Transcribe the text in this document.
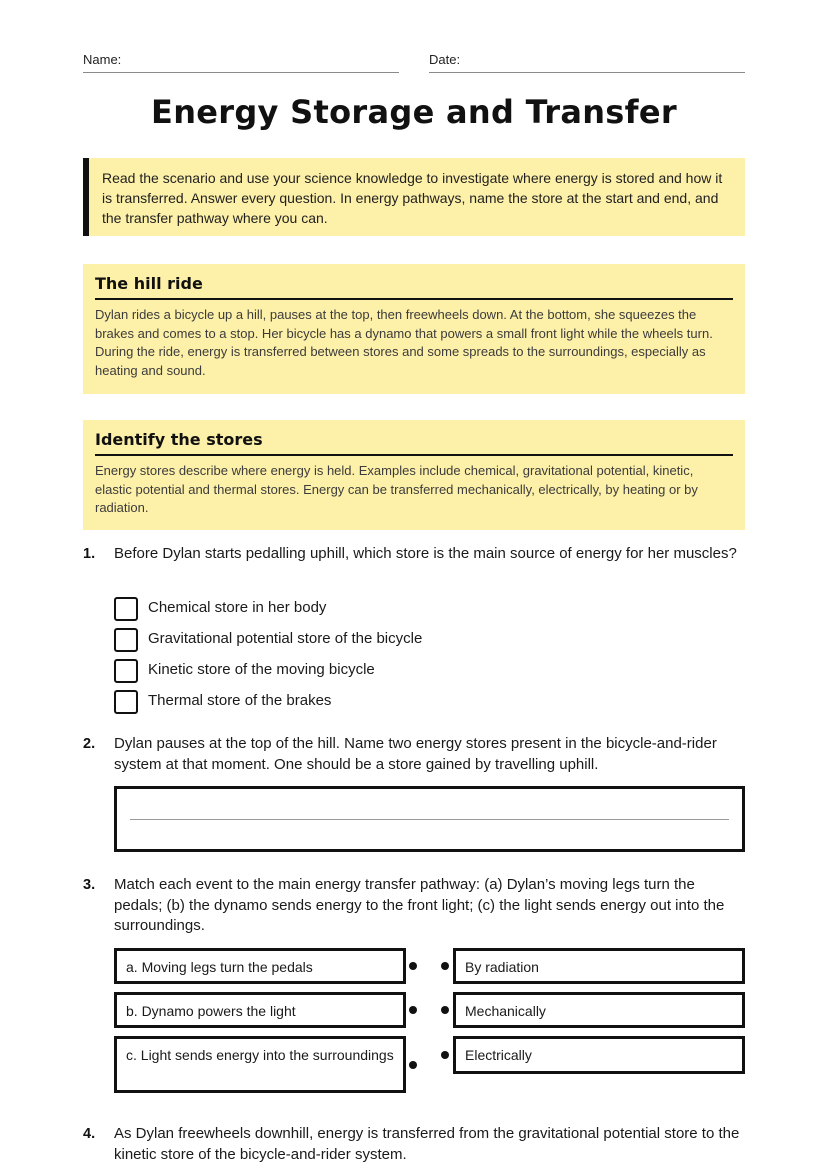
Name:	Date:
Energy Storage and Transfer
Read the scenario and use your science knowledge to investigate where energy is stored and how it is transferred. Answer every question. In energy pathways, name the store at the start and end, and the transfer pathway where you can.
The hill ride

Dylan rides a bicycle up a hill, pauses at the top, then freewheels down. At the bottom, she squeezes the brakes and comes to a stop. Her bicycle has a dynamo that powers a small front light while the wheels turn. During the ride, energy is transferred between stores and some spreads to the surroundings, especially as heating and sound.

Identify the stores

Energy stores describe where energy is held. Examples include chemical, gravitational potential, kinetic, elastic potential and thermal stores. Energy can be transferred mechanically, electrically, by heating or by radiation.

1. Before Dylan starts pedalling uphill, which store is the main source of energy for her muscles?
Chemical store in her body
Gravitational potential store of the bicycle
Kinetic store of the moving bicycle
Thermal store of the brakes
2. Dylan pauses at the top of the hill. Name two energy stores present in the bicycle-and-rider system at that moment. One should be a store gained by travelling uphill.
3. Match each event to the main energy transfer pathway: (a) Dylan’s moving legs turn the pedals; (b) the dynamo sends energy to the front light; (c) the light sends energy out into the surroundings.
a. Moving legs turn the pedals
b. Dynamo powers the light
c. Light sends energy into the surroundings
By radiation
Mechanically
Electrically
4. As Dylan freewheels downhill, energy is transferred from the gravitational potential store to the kinetic store of the bicycle-and-rider system.
